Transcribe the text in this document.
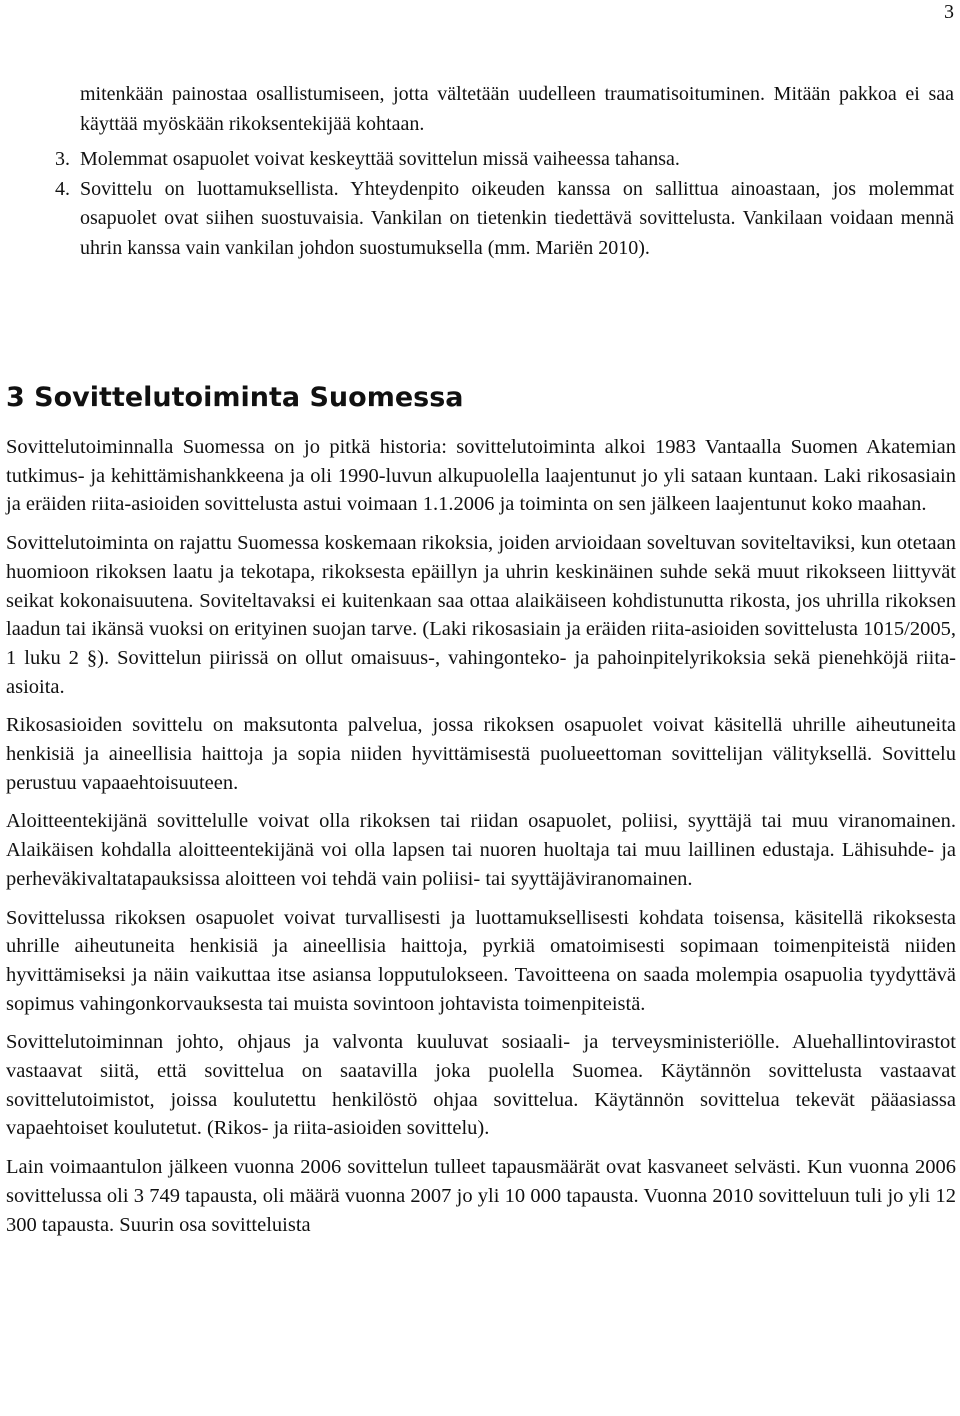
3

mitenkään painostaa osallistumiseen, jotta vältetään uudelleen traumatisoituminen. Mitään pakkoa ei saa käyttää myöskään rikoksentekijää kohtaan.

3. Molemmat osapuolet voivat keskeyttää sovittelun missä vaiheessa tahansa.
4. Sovittelu on luottamuksellista. Yhteydenpito oikeuden kanssa on sallittua ainoastaan, jos molemmat osapuolet ovat siihen suostuvaisia. Vankilan on tietenkin tiedettävä sovittelusta. Vankilaan voidaan mennä uhrin kanssa vain vankilan johdon suostumuksella (mm. Mariën 2010).
3 Sovittelutoiminta Suomessa

Sovittelutoiminnalla Suomessa on jo pitkä historia: sovittelutoiminta alkoi 1983 Vantaalla Suomen Akatemian tutkimus- ja kehittämishankkeena ja oli 1990-luvun alkupuolella laajentunut jo yli sataan kuntaan. Laki rikosasiain ja eräiden riita-asioiden sovittelusta astui voimaan 1.1.2006 ja toiminta on sen jälkeen laajentunut koko maahan.

Sovittelutoiminta on rajattu Suomessa koskemaan rikoksia, joiden arvioidaan soveltuvan soviteltaviksi, kun otetaan huomioon rikoksen laatu ja tekotapa, rikoksesta epäillyn ja uhrin keskinäinen suhde sekä muut rikokseen liittyvät seikat kokonaisuutena. Soviteltavaksi ei kuitenkaan saa ottaa alaikäiseen kohdistunutta rikosta, jos uhrilla rikoksen laadun tai ikänsä vuoksi on erityinen suojan tarve. (Laki rikosasiain ja eräiden riita-asioiden sovittelusta 1015/2005, 1 luku 2 §). Sovittelun piirissä on ollut omaisuus-, vahingonteko- ja pahoinpitelyrikoksia sekä pienehköjä riita-asioita.

Rikosasioiden sovittelu on maksutonta palvelua, jossa rikoksen osapuolet voivat käsitellä uhrille aiheutuneita henkisiä ja aineellisia haittoja ja sopia niiden hyvittämisestä puolueettoman sovittelijan välityksellä. Sovittelu perustuu vapaaehtoisuuteen.

Aloitteentekijänä sovittelulle voivat olla rikoksen tai riidan osapuolet, poliisi, syyttäjä tai muu viranomainen. Alaikäisen kohdalla aloitteentekijänä voi olla lapsen tai nuoren huoltaja tai muu laillinen edustaja. Lähisuhde- ja perheväkivaltatapauksissa aloitteen voi tehdä vain poliisi- tai syyttäjäviranomainen.

Sovittelussa rikoksen osapuolet voivat turvallisesti ja luottamuksellisesti kohdata toisensa, käsitellä rikoksesta uhrille aiheutuneita henkisiä ja aineellisia haittoja, pyrkiä omatoimisesti sopimaan toimenpiteistä niiden hyvittämiseksi ja näin vaikuttaa itse asiansa lopputulokseen. Tavoitteena on saada molempia osapuolia tyydyttävä sopimus vahingonkorvauksesta tai muista sovintoon johtavista toimenpiteistä.

Sovittelutoiminnan johto, ohjaus ja valvonta kuuluvat sosiaali- ja terveysministeriölle. Aluehallintovirastot vastaavat siitä, että sovittelua on saatavilla joka puolella Suomea. Käytännön sovittelusta vastaavat sovittelutoimistot, joissa koulutettu henkilöstö ohjaa sovittelua. Käytännön sovittelua tekevät pääasiassa vapaehtoiset koulutetut. (Rikos- ja riita-asioiden sovittelu).

Lain voimaantulon jälkeen vuonna 2006 sovittelun tulleet tapausmäärät ovat kasvaneet selvästi. Kun vuonna 2006 sovittelussa oli 3 749 tapausta, oli määrä vuonna 2007 jo yli 10 000 tapausta. Vuonna 2010 sovitteluun tuli jo yli 12 300 tapausta. Suurin osa sovitteluista
